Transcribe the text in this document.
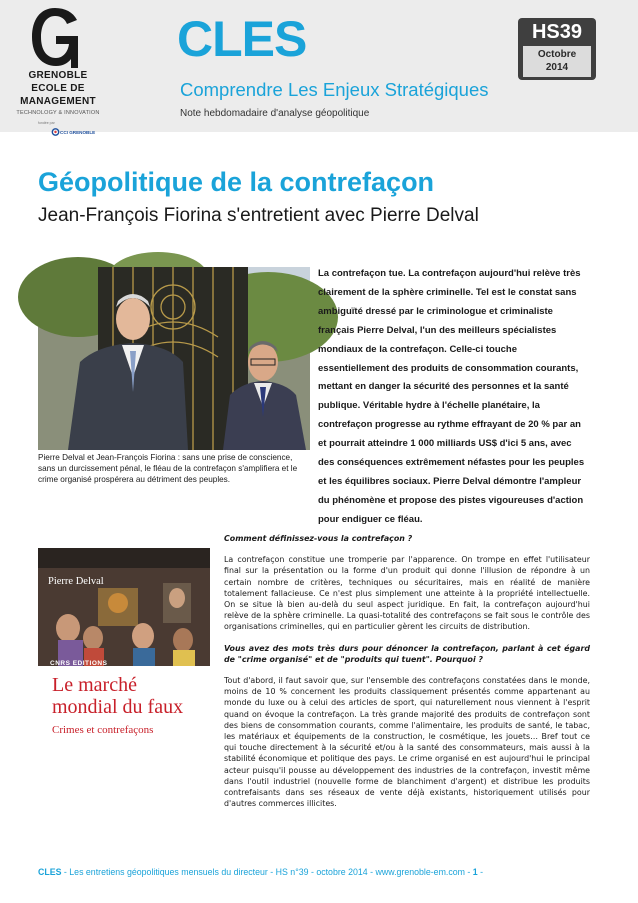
GRENOBLE
ECOLE DE
MANAGEMENT
TECHNOLOGY & INNOVATION
fondée par
CCI GRENOBLE
CLES
Comprendre Les Enjeux Stratégiques
Note hebdomadaire d'analyse géopolitique
HS39
Octobre
2014
Géopolitique de la contrefaçon
Jean-François Fiorina s'entretient avec Pierre Delval
Pierre Delval et Jean-François Fiorina : sans une prise de conscience, sans un durcissement pénal, le fléau de la contrefaçon s'amplifiera et le crime organisé prospérera au détriment des peuples.
La contrefaçon tue. La contrefaçon aujourd'hui relève très clairement de la sphère criminelle. Tel est le constat sans ambiguïté dressé par le criminologue et criminaliste français Pierre Delval, l'un des meilleurs spécialistes mondiaux de la contrefaçon. Celle-ci touche essentiellement des produits de consommation courants, mettant en danger la sécurité des personnes et la santé publique. Véritable hydre à l'échelle planétaire, la contrefaçon progresse au rythme effrayant de 20 % par an et pourrait atteindre 1 000 milliards US$ d'ici 5 ans, avec des conséquences extrêmement néfastes pour les peuples et les équilibres sociaux. Pierre Delval démontre l'ampleur du phénomène et propose des pistes vigoureuses d'action pour endiguer ce fléau.
Pierre Delval
CNRS EDITIONS
Le marché
mondial du faux
Crimes et contrefaçons

Comment définissez-vous la contrefaçon ?

La contrefaçon constitue une tromperie par l'apparence. On trompe en effet l'utilisateur final sur la présentation ou la forme d'un produit qui donne l'illusion de répondre à un certain nombre de critères, techniques ou sécuritaires, mais en réalité de manière totalement fallacieuse. Ce n'est plus simplement une atteinte à la propriété intellectuelle. On se situe là bien au-delà du seul aspect juridique. En fait, la contrefaçon aujourd'hui relève de la sphère criminelle. La quasi-totalité des contrefaçons se fait sous le contrôle des organisations criminelles, qui en particulier gèrent les circuits de distribution.

Vous avez des mots très durs pour dénoncer la contrefaçon, parlant à cet égard de "crime organisé" et de "produits qui tuent". Pourquoi ?

Tout d'abord, il faut savoir que, sur l'ensemble des contrefaçons constatées dans le monde, moins de 10 % concernent les produits classiquement présentés comme appartenant au monde du luxe ou à celui des articles de sport, qui naturellement nous viennent à l'esprit quand on évoque la contrefaçon. La très grande majorité des produits de contrefaçon sont des biens de consommation courants, comme l'alimentaire, les produits de santé, le tabac, les matériaux et équipements de la construction, le cosmétique, les jouets… Bref tout ce qui touche directement à la sécurité et/ou à la santé des consommateurs, mais aussi à la stabilité économique et politique des pays. Le crime organisé en est aujourd'hui le principal acteur puisqu'il pousse au développement des industries de la contrefaçon, investit même dans l'outil industriel (nouvelle forme de blanchiment d'argent) et distribue les produits contrefaisants dans ses réseaux de vente déjà existants, historiquement utilisés pour d'autres commerces illicites.

CLES - Les entretiens géopolitiques mensuels du directeur - HS n°39 - octobre 2014 - www.grenoble-em.com - 1 -
